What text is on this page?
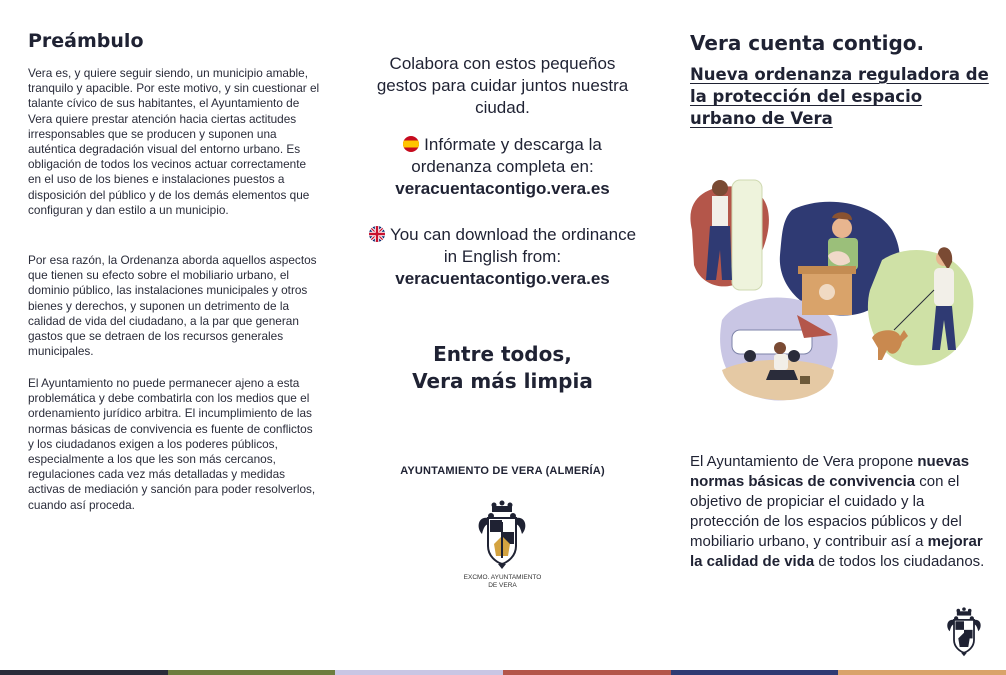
Preámbulo

Vera es, y quiere seguir siendo, un municipio amable, tranquilo y apacible. Por este motivo, y sin cuestionar el talante cívico de sus habitantes, el Ayuntamiento de Vera quiere prestar atención hacia ciertas actitudes irresponsables que se producen y suponen una auténtica degradación visual del entorno urbano. Es obligación de todos los vecinos actuar correctamente en el uso de los bienes e instalaciones puestos a disposición del público y de los demás elementos que configuran y dan estilo a un municipio.

Por esa razón, la Ordenanza aborda aquellos aspectos que tienen su efecto sobre el mobiliario urbano, el dominio público, las instalaciones municipales y otros bienes y derechos, y suponen un detrimento de la calidad de vida del ciudadano, a la par que generan gastos que se detraen de los recursos generales municipales.

El Ayuntamiento no puede permanecer ajeno a esta problemática y debe combatirla con los medios que el ordenamiento jurídico arbitra. El incumplimiento de las normas básicas de convivencia es fuente de conflictos y los ciudadanos exigen a los poderes públicos, especialmente a los que les son más cercanos, regulaciones cada vez más detalladas y medidas activas de mediación y sanción para poder resolverlos, cuando así proceda.

Colabora con estos pequeños gestos para cuidar juntos nuestra ciudad.

Infórmate y descarga la ordenanza completa en:
veracuentacontigo.vera.es

You can download the ordinance in English from:
veracuentacontigo.vera.es

Entre todos,
Vera más limpia

AYUNTAMIENTO DE VERA (ALMERÍA)

EXCMO. AYUNTAMIENTO
DE VERA

Vera cuenta contigo.
Nueva ordenanza reguladora de la protección del espacio urbano de Vera

El Ayuntamiento de Vera propone nuevas normas básicas de convivencia con el objetivo de propiciar el cuidado y la protección de los espacios públicos y del mobiliario urbano, y contribuir así a mejorar la calidad de vida de todos los ciudadanos.
